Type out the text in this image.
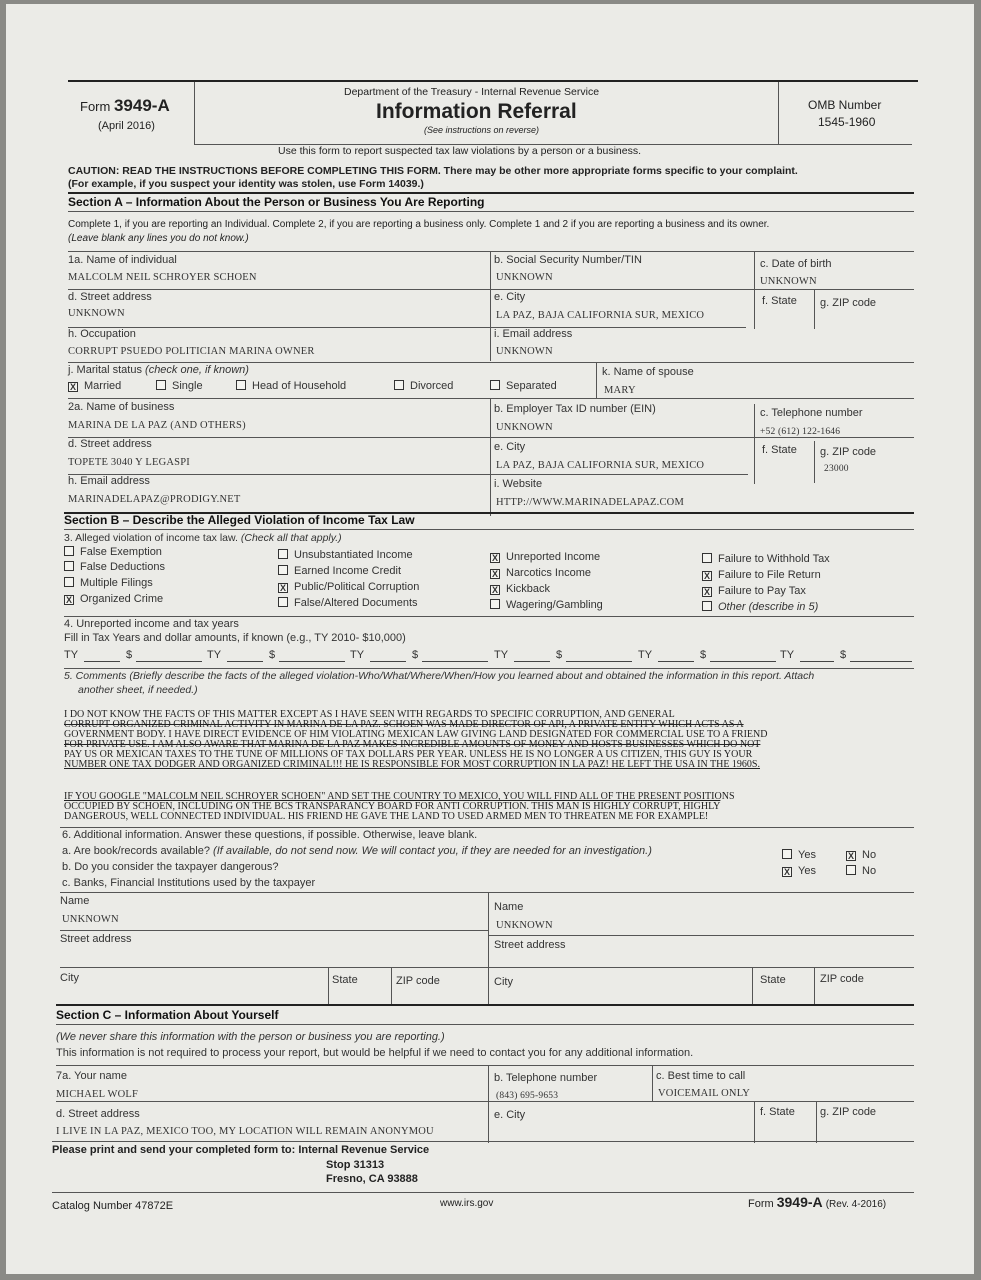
Form 3949-A
(April 2016)
Department of the Treasury - Internal Revenue Service
Information Referral
(See instructions on reverse)
OMB Number
1545-1960
Use this form to report suspected tax law violations by a person or a business.
CAUTION: READ THE INSTRUCTIONS BEFORE COMPLETING THIS FORM. There may be other more appropriate forms specific to your complaint.
(For example, if you suspect your identity was stolen, use Form 14039.)
Section A – Information About the Person or Business You Are Reporting
Complete 1, if you are reporting an Individual. Complete 2, if you are reporting a business only. Complete 1 and 2 if you are reporting a business and its owner.
(Leave blank any lines you do not know.)
1a. Name of individual
MALCOLM NEIL SCHROYER SCHOEN
b. Social Security Number/TIN
UNKNOWN
c. Date of birth
UNKNOWN
d. Street address
UNKNOWN
e. City
LA PAZ, BAJA CALIFORNIA SUR, MEXICO
f. State g. ZIP code
h. Occupation
CORRUPT PSUEDO POLITICIAN MARINA OWNER
i. Email address
UNKNOWN
j. Marital status (check one, if known)
X Married	Single	Head of Household	Divorced	Separated
k. Name of spouse
MARY
2a. Name of business
MARINA DE LA PAZ (AND OTHERS)
b. Employer Tax ID number (EIN)
UNKNOWN
c. Telephone number
+52 (612) 122-1646
d. Street address
TOPETE 3040 Y LEGASPI
e. City
LA PAZ, BAJA CALIFORNIA SUR, MEXICO
f. State g. ZIP code
23000
h. Email address
MARINADELAPAZ@PRODIGY.NET
i. Website
HTTP://WWW.MARINADELAPAZ.COM
Section B – Describe the Alleged Violation of Income Tax Law
3. Alleged violation of income tax law. (Check all that apply.)
False Exemption
False Deductions
Multiple Filings
X Organized Crime
Unsubstantiated Income
Earned Income Credit
X Public/Political Corruption
False/Altered Documents
X Unreported Income
X Narcotics Income
X Kickback
Wagering/Gambling
Failure to Withhold Tax
X Failure to File Return
X Failure to Pay Tax
Other (describe in 5)
4. Unreported income and tax years
Fill in Tax Years and dollar amounts, if known (e.g., TY 2010- $10,000)
TY	$	TY	$	TY	$	TY	$	TY	$	TY	$
5. Comments (Briefly describe the facts of the alleged violation-Who/What/Where/When/How you learned about and obtained the information in this report. Attach
another sheet, if needed.)
I DO NOT KNOW THE FACTS OF THIS MATTER EXCEPT AS I HAVE SEEN WITH REGARDS TO SPECIFIC CORRUPTION, AND GENERAL
CORRUPT ORGANIZED CRIMINAL ACTIVITY IN MARINA DE LA PAZ. SCHOEN WAS MADE DIRECTOR OF API, A PRIVATE ENTITY WHICH ACTS AS A
GOVERNMENT BODY. I HAVE DIRECT EVIDENCE OF HIM VIOLATING MEXICAN LAW GIVING LAND DESIGNATED FOR COMMERCIAL USE TO A FRIEND
FOR PRIVATE USE. I AM ALSO AWARE THAT MARINA DE LA PAZ MAKES INCREDIBLE AMOUNTS OF MONEY AND HOSTS BUSINESSES WHICH DO NOT
PAY US OR MEXICAN TAXES TO THE TUNE OF MILLIONS OF TAX DOLLARS PER YEAR. UNLESS HE IS NO LONGER A US CITIZEN, THIS GUY IS YOUR
NUMBER ONE TAX DODGER AND ORGANIZED CRIMINAL!!! HE IS RESPONSIBLE FOR MOST CORRUPTION IN LA PAZ! HE LEFT THE USA IN THE 1960S.
IF YOU GOOGLE "MALCOLM NEIL SCHROYER SCHOEN" AND SET THE COUNTRY TO MEXICO, YOU WILL FIND ALL OF THE PRESENT POSITIONS
OCCUPIED BY SCHOEN, INCLUDING ON THE BCS TRANSPARANCY BOARD FOR ANTI CORRUPTION. THIS MAN IS HIGHLY CORRUPT, HIGHLY
DANGEROUS, WELL CONNECTED INDIVIDUAL. HIS FRIEND HE GAVE THE LAND TO USED ARMED MEN TO THREATEN ME FOR EXAMPLE!
6. Additional information. Answer these questions, if possible. Otherwise, leave blank.
a. Are book/records available? (If available, do not send now. We will contact you, if they are needed for an investigation.)	Yes	X No
b. Do you consider the taxpayer dangerous?	X Yes	No
c. Banks, Financial Institutions used by the taxpayer
Name
UNKNOWN
Name
UNKNOWN
Street address	Street address
City	State	ZIP code	City	State	ZIP code
Section C – Information About Yourself
(We never share this information with the person or business you are reporting.)
This information is not required to process your report, but would be helpful if we need to contact you for any additional information.
7a. Your name
MICHAEL WOLF
b. Telephone number
(843) 695-9653
c. Best time to call
VOICEMAIL ONLY
d. Street address
I LIVE IN LA PAZ, MEXICO TOO, MY LOCATION WILL REMAIN ANONYMOU
e. City	f. State g. ZIP code
Please print and send your completed form to: Internal Revenue Service
Stop 31313
Fresno, CA 93888
Catalog Number 47872E	www.irs.gov	Form 3949-A (Rev. 4-2016)
